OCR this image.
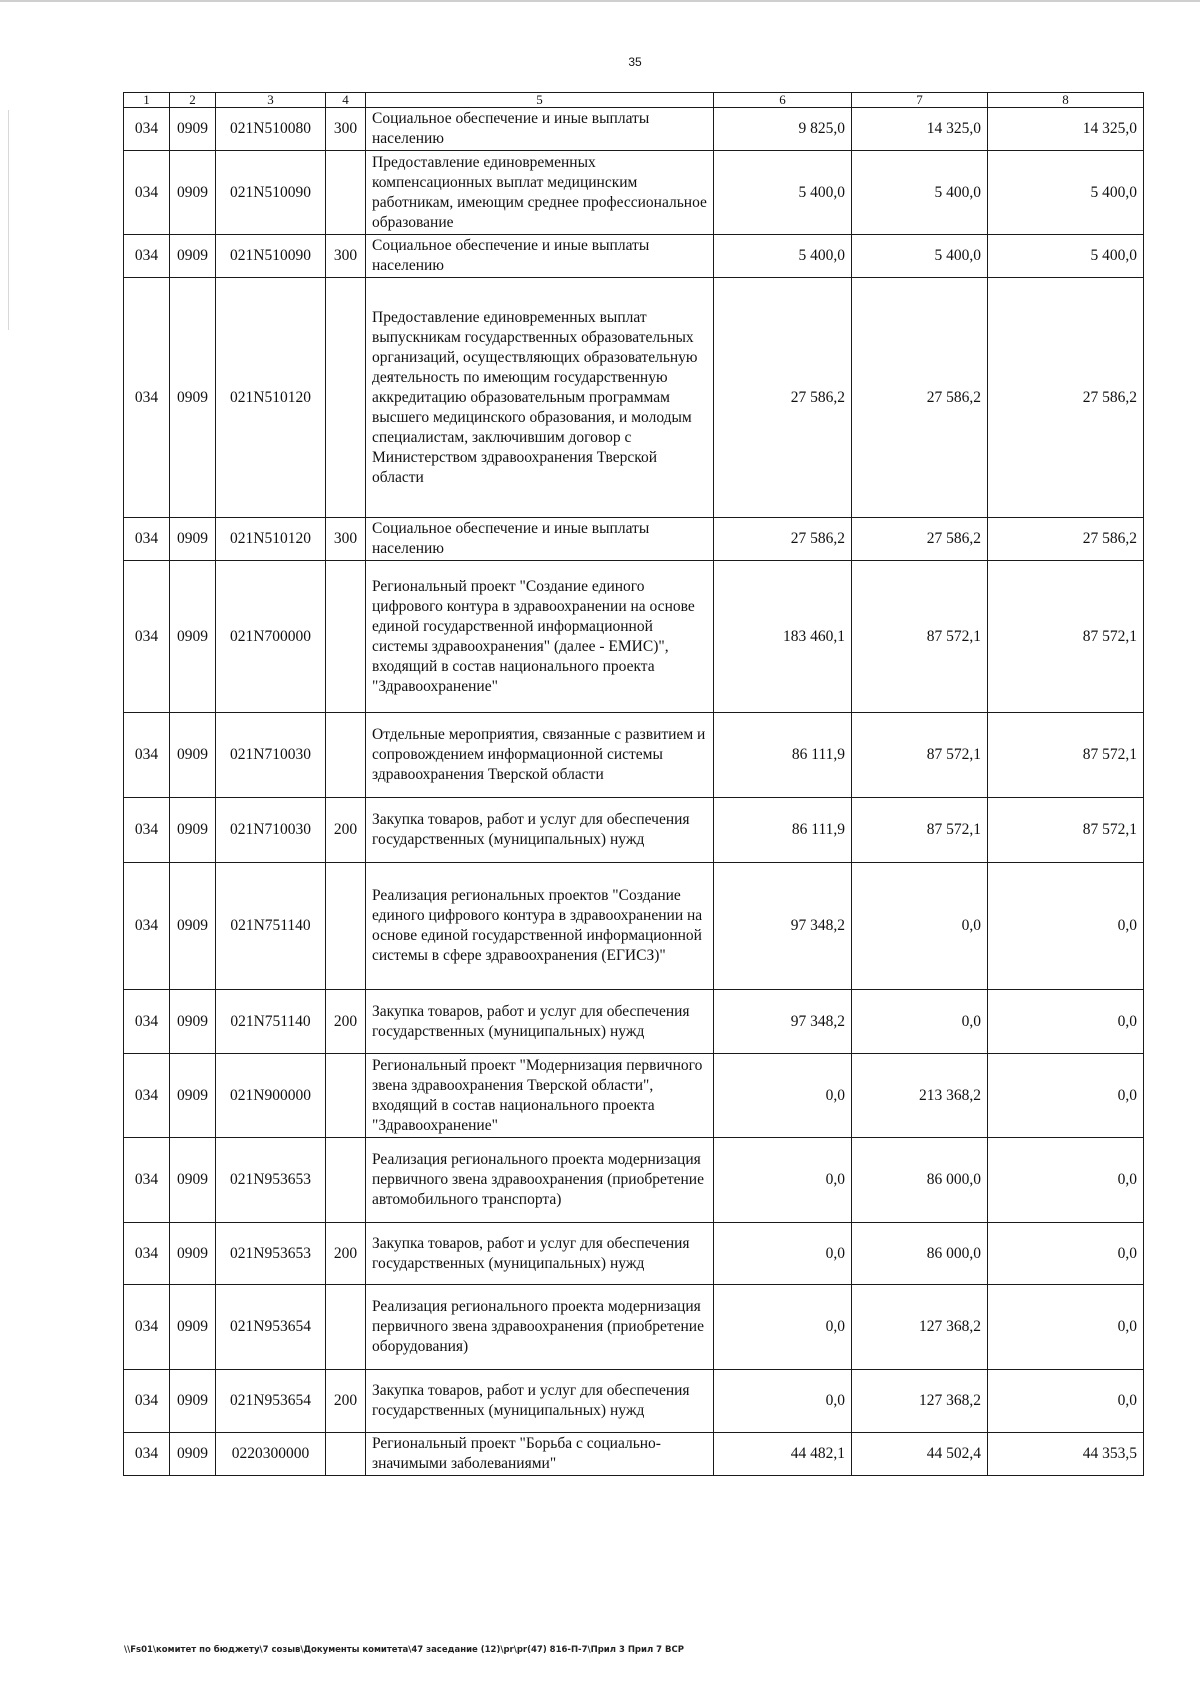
35
1	2	3	4	5	6	7	8
034	0909	021N510080	300	Социальное обеспечение и иные выплаты населению	9 825,0	14 325,0	14 325,0
034	0909	021N510090		Предоставление единовременных компенсационных выплат медицинским работникам, имеющим среднее профессиональное образование	5 400,0	5 400,0	5 400,0
034	0909	021N510090	300	Социальное обеспечение и иные выплаты населению	5 400,0	5 400,0	5 400,0
034	0909	021N510120		Предоставление единовременных выплат выпускникам государственных образовательных организаций, осуществляющих образовательную деятельность по имеющим государственную аккредитацию образовательным программам высшего медицинского образования, и молодым специалистам, заключившим договор с Министерством здравоохранения Тверской области	27 586,2	27 586,2	27 586,2
034	0909	021N510120	300	Социальное обеспечение и иные выплаты населению	27 586,2	27 586,2	27 586,2
034	0909	021N700000		Региональный проект "Создание единого цифрового контура в здравоохранении на основе единой государственной информационной системы здравоохранения" (далее - ЕМИС)", входящий в состав национального проекта "Здравоохранение"	183 460,1	87 572,1	87 572,1
034	0909	021N710030		Отдельные мероприятия, связанные с развитием и сопровождением информационной системы здравоохранения Тверской области	86 111,9	87 572,1	87 572,1
034	0909	021N710030	200	Закупка товаров, работ и услуг для обеспечения государственных (муниципальных) нужд	86 111,9	87 572,1	87 572,1
034	0909	021N751140		Реализация региональных проектов "Создание единого цифрового контура в здравоохранении на основе единой государственной информационной системы в сфере здравоохранения (ЕГИСЗ)"	97 348,2	0,0	0,0
034	0909	021N751140	200	Закупка товаров, работ и услуг для обеспечения государственных (муниципальных) нужд	97 348,2	0,0	0,0
034	0909	021N900000		Региональный проект "Модернизация первичного звена здравоохранения Тверской области", входящий в состав национального проекта "Здравоохранение"	0,0	213 368,2	0,0
034	0909	021N953653		Реализация регионального проекта модернизация первичного звена здравоохранения (приобретение автомобильного транспорта)	0,0	86 000,0	0,0
034	0909	021N953653	200	Закупка товаров, работ и услуг для обеспечения государственных (муниципальных) нужд	0,0	86 000,0	0,0
034	0909	021N953654		Реализация регионального проекта модернизация первичного звена здравоохранения (приобретение оборудования)	0,0	127 368,2	0,0
034	0909	021N953654	200	Закупка товаров, работ и услуг для обеспечения государственных (муниципальных) нужд	0,0	127 368,2	0,0
034	0909	0220300000		Региональный проект "Борьба с социально-значимыми заболеваниями"	44 482,1	44 502,4	44 353,5
\\Fs01\комитет по бюджету\7 созыв\Документы комитета\47 заседание (12)\pr\pr(47) 816-П-7\Прил 3 Прил 7 ВСР
